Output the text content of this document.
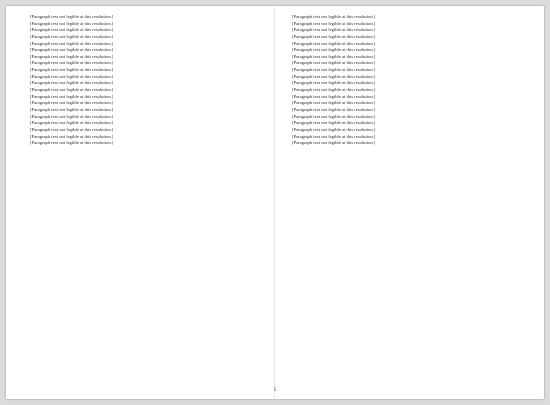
[Paragraph text not legible at this resolution.]

[Paragraph text not legible at this resolution.]

[Paragraph text not legible at this resolution.]

[Paragraph text not legible at this resolution.]

[Paragraph text not legible at this resolution.]

[Paragraph text not legible at this resolution.]

[Paragraph text not legible at this resolution.]

[Paragraph text not legible at this resolution.]

[Paragraph text not legible at this resolution.]

[Paragraph text not legible at this resolution.]

[Paragraph text not legible at this resolution.]

[Paragraph text not legible at this resolution.]

[Paragraph text not legible at this resolution.]

[Paragraph text not legible at this resolution.]

[Paragraph text not legible at this resolution.]

[Paragraph text not legible at this resolution.]

[Paragraph text not legible at this resolution.]

[Paragraph text not legible at this resolution.]

[Paragraph text not legible at this resolution.]

[Paragraph text not legible at this resolution.]

[Paragraph text not legible at this resolution.]

[Paragraph text not legible at this resolution.]

[Paragraph text not legible at this resolution.]

[Paragraph text not legible at this resolution.]

[Paragraph text not legible at this resolution.]

[Paragraph text not legible at this resolution.]

[Paragraph text not legible at this resolution.]

[Paragraph text not legible at this resolution.]

[Paragraph text not legible at this resolution.]

[Paragraph text not legible at this resolution.]

[Paragraph text not legible at this resolution.]

[Paragraph text not legible at this resolution.]

[Paragraph text not legible at this resolution.]

[Paragraph text not legible at this resolution.]

[Paragraph text not legible at this resolution.]

[Paragraph text not legible at this resolution.]

[Paragraph text not legible at this resolution.]

[Paragraph text not legible at this resolution.]

[Paragraph text not legible at this resolution.]

[Paragraph text not legible at this resolution.]

5
